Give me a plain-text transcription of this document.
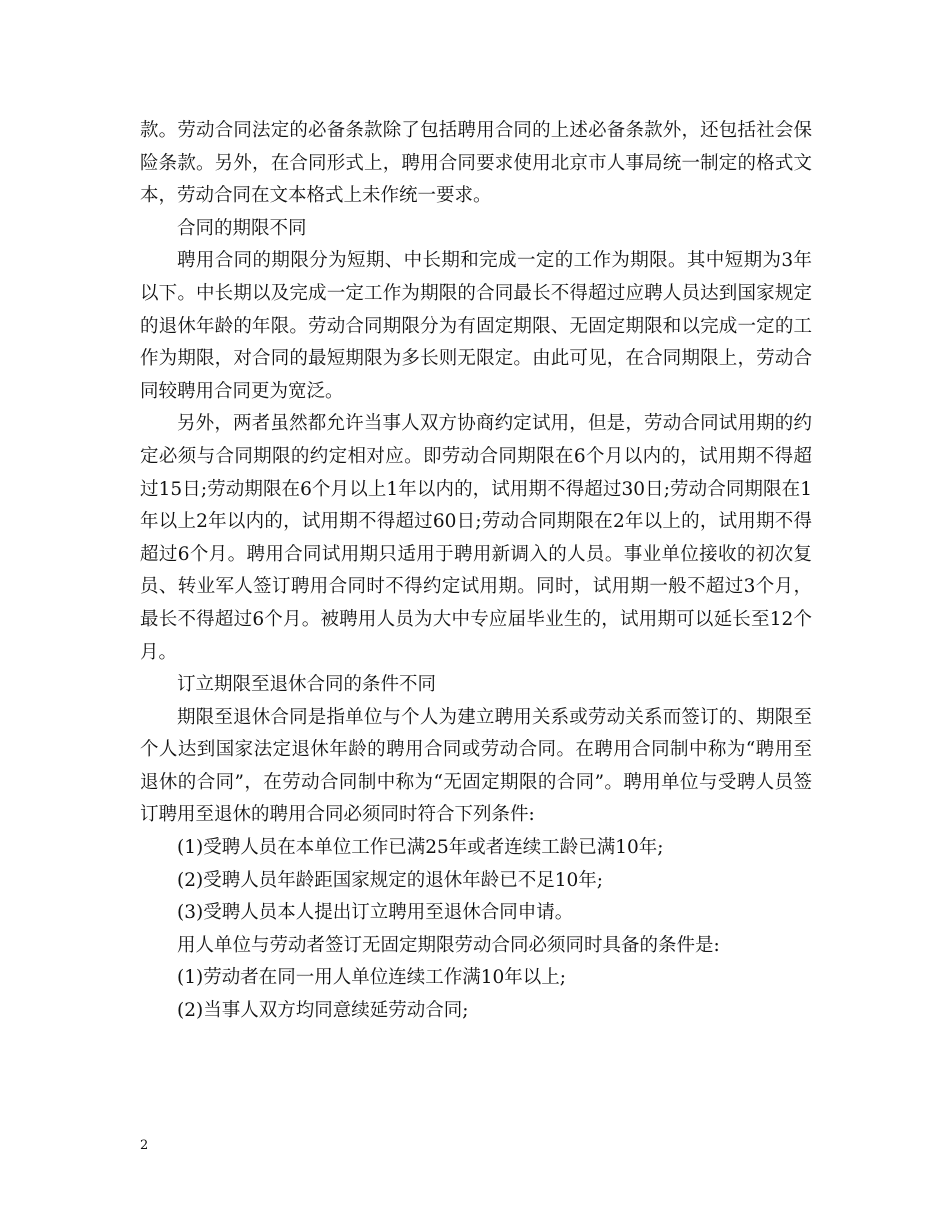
款。劳动合同法定的必备条款除了包括聘用合同的上述必备条款外，还包括社会保险条款。另外，在合同形式上，聘用合同要求使用北京市人事局统一制定的格式文本，劳动合同在文本格式上未作统一要求。

合同的期限不同

聘用合同的期限分为短期、中长期和完成一定的工作为期限。其中短期为3年以下。中长期以及完成一定工作为期限的合同最长不得超过应聘人员达到国家规定的退休年龄的年限。劳动合同期限分为有固定期限、无固定期限和以完成一定的工作为期限，对合同的最短期限为多长则无限定。由此可见，在合同期限上，劳动合同较聘用合同更为宽泛。

另外，两者虽然都允许当事人双方协商约定试用，但是，劳动合同试用期的约定必须与合同期限的约定相对应。即劳动合同期限在6个月以内的，试用期不得超过15日;劳动期限在6个月以上1年以内的，试用期不得超过30日;劳动合同期限在1年以上2年以内的，试用期不得超过60日;劳动合同期限在2年以上的，试用期不得超过6个月。聘用合同试用期只适用于聘用新调入的人员。事业单位接收的初次复员、转业军人签订聘用合同时不得约定试用期。同时，试用期一般不超过3个月，最长不得超过6个月。被聘用人员为大中专应届毕业生的，试用期可以延长至12个月。

订立期限至退休合同的条件不同

期限至退休合同是指单位与个人为建立聘用关系或劳动关系而签订的、期限至个人达到国家法定退休年龄的聘用合同或劳动合同。在聘用合同制中称为“聘用至退休的合同”，在劳动合同制中称为“无固定期限的合同”。聘用单位与受聘人员签订聘用至退休的聘用合同必须同时符合下列条件:

(1)受聘人员在本单位工作已满25年或者连续工龄已满10年;

(2)受聘人员年龄距国家规定的退休年龄已不足10年;

(3)受聘人员本人提出订立聘用至退休合同申请。

用人单位与劳动者签订无固定期限劳动合同必须同时具备的条件是:

(1)劳动者在同一用人单位连续工作满10年以上;

(2)当事人双方均同意续延劳动合同;

2
